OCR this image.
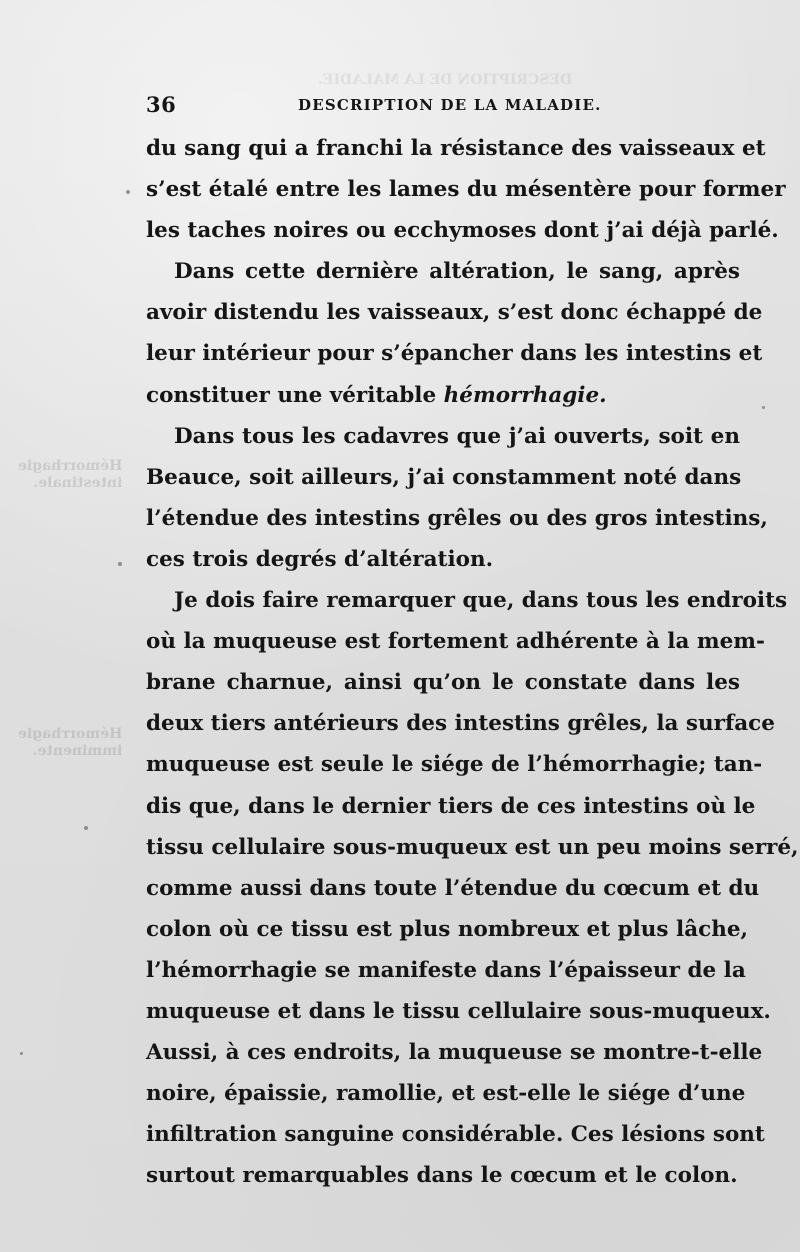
DESCRIPTION DE LA MALADIE.
Hémorrhagie
intestinale.
Hémorrhagie
imminente.
36	DESCRIPTION DE LA MALADIE.
du sang qui a franchi la résistance des vaisseaux et
s’est étalé entre les lames du mésentère pour former
les taches noires ou ecchymoses dont j’ai déjà parlé.
Dans cette dernière altération, le sang, après
avoir distendu les vaisseaux, s’est donc échappé de
leur intérieur pour s’épancher dans les intestins et
constituer une véritable hémorrhagie.
Dans tous les cadavres que j’ai ouverts, soit en
Beauce, soit ailleurs, j’ai constamment noté dans
l’étendue des intestins grêles ou des gros intestins,
ces trois degrés d’altération.
Je dois faire remarquer que, dans tous les endroits
où la muqueuse est fortement adhérente à la mem-
brane charnue, ainsi qu’on le constate dans les
deux tiers antérieurs des intestins grêles, la surface
muqueuse est seule le siége de l’hémorrhagie; tan-
dis que, dans le dernier tiers de ces intestins où le
tissu cellulaire sous-muqueux est un peu moins serré,
comme aussi dans toute l’étendue du cœcum et du
colon où ce tissu est plus nombreux et plus lâche,
l’hémorrhagie se manifeste dans l’épaisseur de la
muqueuse et dans le tissu cellulaire sous-muqueux.
Aussi, à ces endroits, la muqueuse se montre-t-elle
noire, épaissie, ramollie, et est-elle le siége d’une
infiltration sanguine considérable. Ces lésions sont
surtout remarquables dans le cœcum et le colon.
